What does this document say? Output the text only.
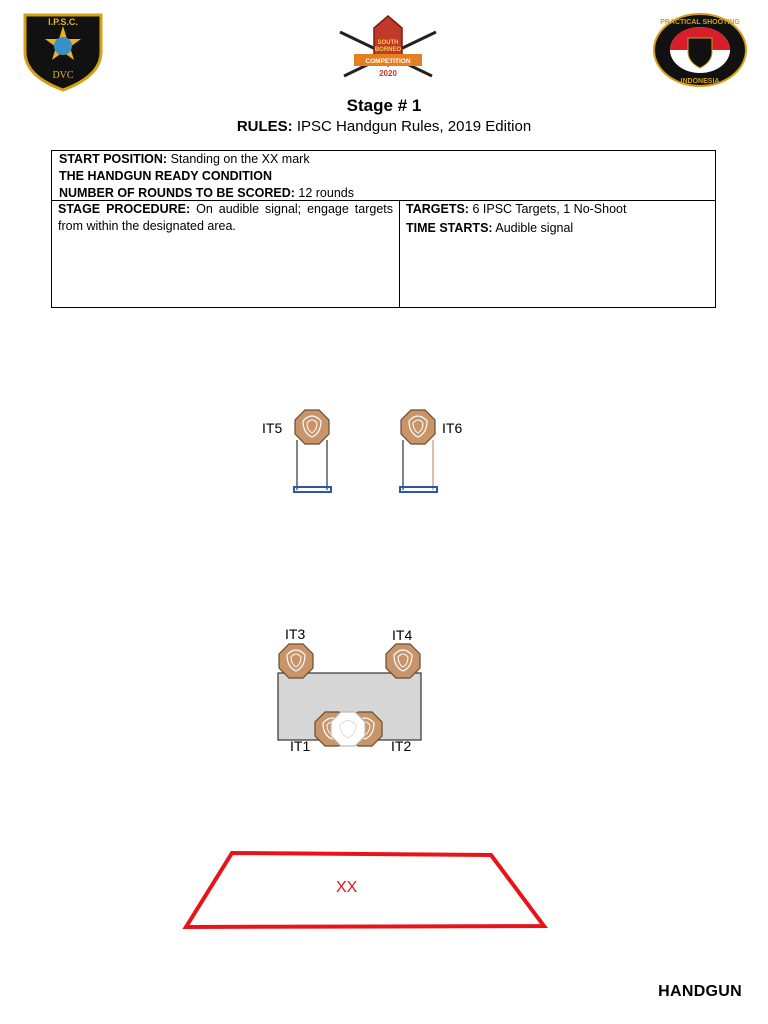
I.P.S.C.
DVC
SOUTH
BORNEO
COMPETITION
2020
PRACTICAL SHOOTING
INDONESIA
Stage # 1
RULES: IPSC Handgun Rules, 2019 Edition
START POSITION: Standing on the XX mark
THE HANDGUN READY CONDITION
NUMBER OF ROUNDS TO BE SCORED: 12 rounds
STAGE PROCEDURE: On audible signal; engage targets from within the designated area.
TARGETS: 6 IPSC Targets, 1 No-Shoot
TIME STARTS: Audible signal
IT5	IT6
IT3	IT4
IT1	IT2
XX
HANDGUN
